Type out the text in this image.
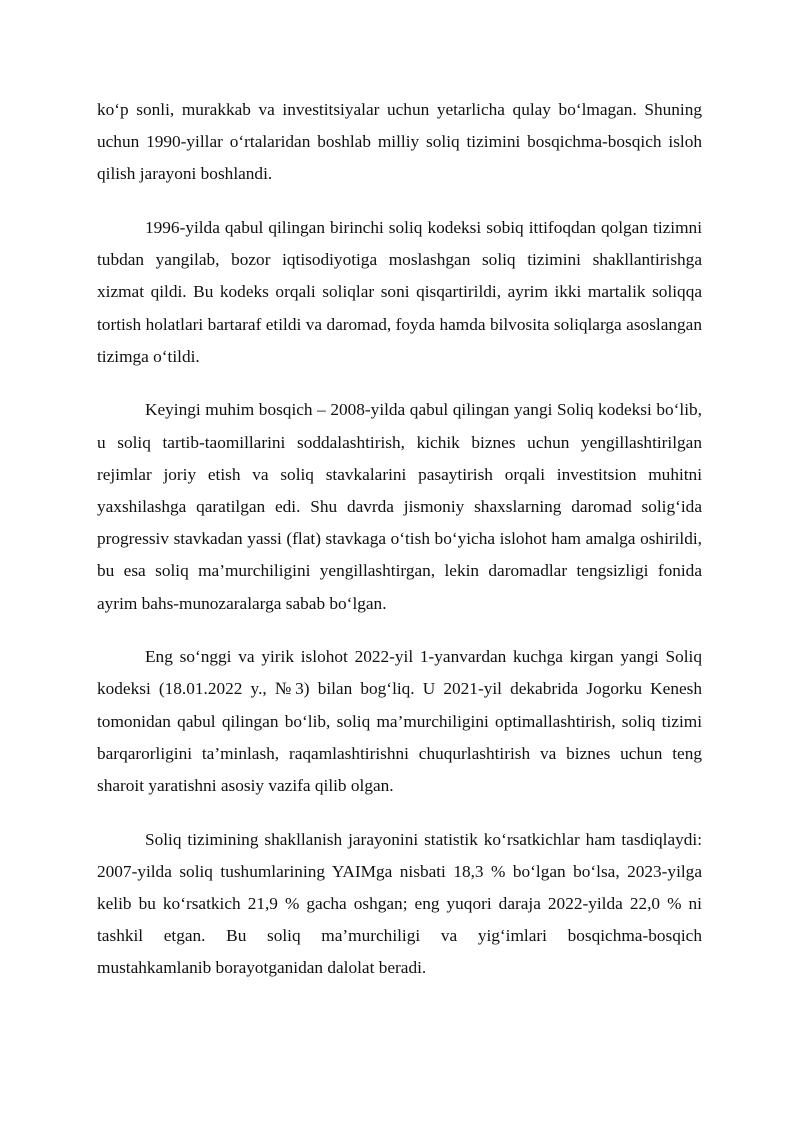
ko‘p sonli, murakkab va investitsiyalar uchun yetarlicha qulay bo‘lmagan. Shuning uchun 1990-yillar o‘rtalaridan boshlab milliy soliq tizimini bosqichma-bosqich isloh qilish jarayoni boshlandi.

1996-yilda qabul qilingan birinchi soliq kodeksi sobiq ittifoqdan qolgan tizimni tubdan yangilab, bozor iqtisodiyotiga moslashgan soliq tizimini shakllantirishga xizmat qildi. Bu kodeks orqali soliqlar soni qisqartirildi, ayrim ikki martalik soliqqa tortish holatlari bartaraf etildi va daromad, foyda hamda bilvosita soliqlarga asoslangan tizimga o‘tildi.

Keyingi muhim bosqich – 2008-yilda qabul qilingan yangi Soliq kodeksi bo‘lib, u soliq tartib-taomillarini soddalashtirish, kichik biznes uchun yengillashtirilgan rejimlar joriy etish va soliq stavkalarini pasaytirish orqali investitsion muhitni yaxshilashga qaratilgan edi. Shu davrda jismoniy shaxslarning daromad solig‘ida progressiv stavkadan yassi (flat) stavkaga o‘tish bo‘yicha islohot ham amalga oshirildi, bu esa soliq ma’murchiligini yengillashtirgan, lekin daromadlar tengsizligi fonida ayrim bahs-munozaralarga sabab bo‘lgan.

Eng so‘nggi va yirik islohot 2022-yil 1-yanvardan kuchga kirgan yangi Soliq kodeksi (18.01.2022 y., №3) bilan bog‘liq. U 2021-yil dekabrida Jogorku Kenesh tomonidan qabul qilingan bo‘lib, soliq ma’murchiligini optimallashtirish, soliq tizimi barqarorligini ta’minlash, raqamlashtirishni chuqurlashtirish va biznes uchun teng sharoit yaratishni asosiy vazifa qilib olgan.

Soliq tizimining shakllanish jarayonini statistik ko‘rsatkichlar ham tasdiqlaydi: 2007-yilda soliq tushumlarining YAIMga nisbati 18,3 % bo‘lgan bo‘lsa, 2023-yilga kelib bu ko‘rsatkich 21,9 % gacha oshgan; eng yuqori daraja 2022-yilda 22,0 % ni tashkil etgan. Bu soliq ma’murchiligi va yig‘imlari bosqichma-bosqich mustahkamlanib borayotganidan dalolat beradi.
